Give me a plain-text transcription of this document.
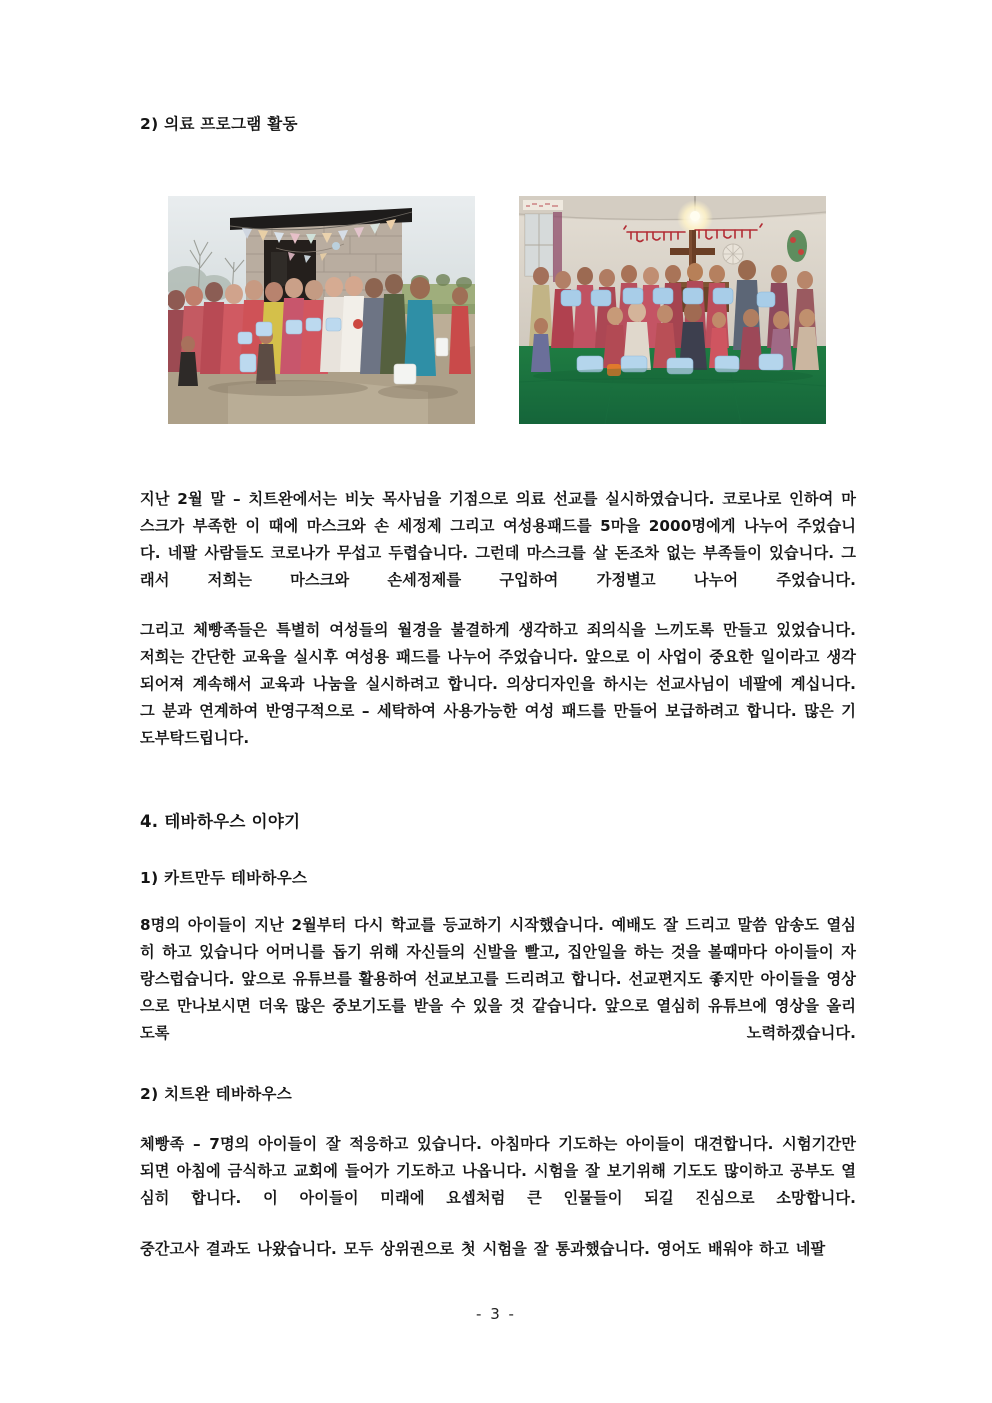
2) 의료 프로그램 활동
지난 2월 말 – 치트완에서는 비눗 목사님을 기점으로 의료 선교를 실시하였습니다. 코로나로 인하여 마스크가 부족한 이 때에 마스크와 손 세정제 그리고 여성용패드를 5마을 2000명에게 나누어 주었습니다. 네팔 사람들도 코로나가 무섭고 두렵습니다. 그런데 마스크를 살 돈조차 없는 부족들이 있습니다. 그래서 저희는 마스크와 손세정제를 구입하여 가정별고 나누어 주었습니다.
그리고 체빵족들은 특별히 여성들의 월경을 불결하게 생각하고 죄의식을 느끼도록 만들고 있었습니다. 저희는 간단한 교육을 실시후 여성용 패드를 나누어 주었습니다. 앞으로 이 사업이 중요한 일이라고 생각되어져 계속해서 교육과 나눔을 실시하려고 합니다. 의상디자인을 하시는 선교사님이 네팔에 계십니다. 그 분과 연계하여 반영구적으로 – 세탁하여 사용가능한 여성 패드를 만들어 보급하려고 합니다. 많은 기도부탁드립니다.
4. 테바하우스 이야기
1) 카트만두 테바하우스
8명의 아이들이 지난 2월부터 다시 학교를 등교하기 시작했습니다. 예배도 잘 드리고 말씀 암송도 열심히 하고 있습니다 어머니를 돕기 위해 자신들의 신발을 빨고, 집안일을 하는 것을 볼때마다 아이들이 자랑스럽습니다. 앞으로 유튜브를 활용하여 선교보고를 드리려고 합니다. 선교편지도 좋지만 아이들을 영상으로 만나보시면 더욱 많은 중보기도를 받을 수 있을 것 같습니다. 앞으로 열심히 유튜브에 영상을 올리도록 노력하겠습니다.
2) 치트완 테바하우스
체빵족 – 7명의 아이들이 잘 적응하고 있습니다. 아침마다 기도하는 아이들이 대견합니다. 시험기간만 되면 아침에 금식하고 교회에 들어가 기도하고 나옵니다. 시험을 잘 보기위해 기도도 많이하고 공부도 열심히 합니다. 이 아이들이 미래에 요셉처럼 큰 인물들이 되길 진심으로 소망합니다.
중간고사 결과도 나왔습니다. 모두 상위권으로 첫 시험을 잘 통과했습니다. 영어도 배워야 하고 네팔
- 3 -
